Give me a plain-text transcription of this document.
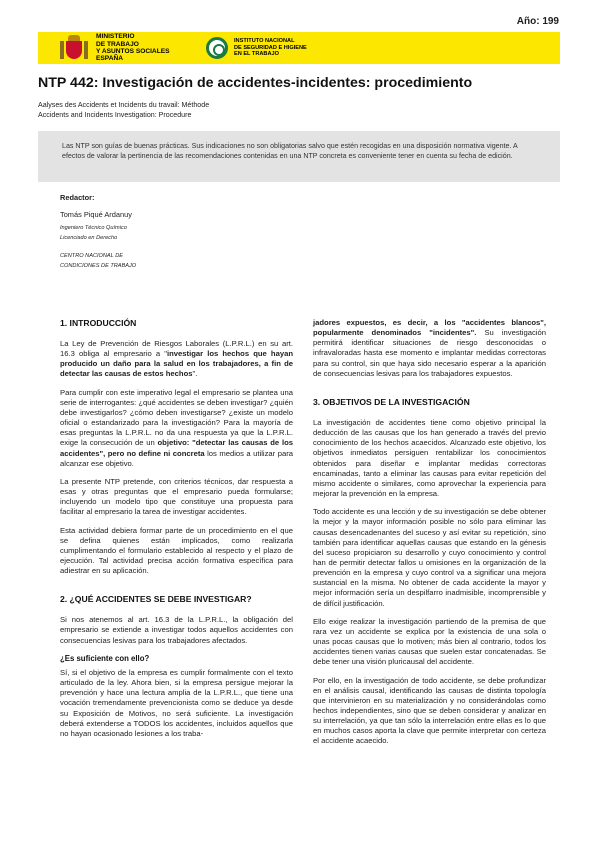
Año: 199
MINISTERIO
DE TRABAJO
Y ASUNTOS SOCIALES
ESPAÑA
INSTITUTO NACIONAL
DE SEGURIDAD E HIGIENE
EN EL TRABAJO
NTP 442: Investigación de accidentes-incidentes: procedimiento
Aalyses des Accidents et Incidents du travail: Méthode
Accidents and Incidents Investigation: Procedure

Las NTP son guías de buenas prácticas. Sus indicaciones no son obligatorias salvo que estén recogidas en una disposición normativa vigente. A efectos de valorar la pertinencia de las recomendaciones contenidas en una NTP concreta es conveniente tener en cuenta su fecha de edición.

Redactor:
Tomás Piqué Ardanuy
Ingeniero Técnico Químico
Licenciado en Derecho
CENTRO NACIONAL DE
CONDICIONES DE TRABAJO
1. INTRODUCCIÓN

La Ley de Prevención de Riesgos Laborales (L.P.R.L.) en su art. 16.3 obliga al empresario a "investigar los hechos que hayan producido un daño para la salud en los trabajadores, a fin de detectar las causas de estos hechos".

Para cumplir con este imperativo legal el empresario se plantea una serie de interrogantes: ¿qué accidentes se deben investigar? ¿quién debe investigarlos? ¿cómo deben investigarse? ¿existe un modelo oficial o estandarizado para la investigación? Para la mayoría de esas preguntas la L.P.R.L. no da una respuesta ya que la L.P.R.L. exige la consecución de un objetivo: "detectar las causas de los accidentes", pero no define ni concreta los medios a utilizar para alcanzar ese objetivo.

La presente NTP pretende, con criterios técnicos, dar respuesta a esas y otras preguntas que el empresario pueda formularse; incluyendo un modelo tipo que constituye una propuesta para facilitar al empresario la tarea de investigar accidentes.

Esta actividad debiera formar parte de un procedimiento en el que se defina quienes están implicados, como realizarla cumplimentando el formulario establecido al respecto y el plazo de ejecución. Tal actividad precisa acción formativa específica para adiestrar en su aplicación.

2. ¿QUÉ ACCIDENTES SE DEBE INVESTIGAR?

Si nos atenemos al art. 16.3 de la L.P.R.L., la obligación del empresario se extiende a investigar todos aquellos accidentes con consecuencias lesivas para los trabajadores afectados.

¿Es suficiente con ello?

Sí, si el objetivo de la empresa es cumplir formalmente con el texto articulado de la ley. Ahora bien, si la empresa persigue mejorar la prevención y hace una lectura amplia de la L.P.R.L., que tiene una vocación tremendamente prevencionista como se deduce ya desde su Exposición de Motivos, no será suficiente. La investigación deberá extenderse a TODOS los accidentes, incluidos aquellos que no hayan ocasionado lesiones a los traba-

jadores expuestos, es decir, a los "accidentes blancos", popularmente denominados "incidentes". Su investigación permitirá identificar situaciones de riesgo desconocidas o infravaloradas hasta ese momento e implantar medidas correctoras para su control, sin que haya sido necesario esperar a la aparición de consecuencias lesivas para los trabajadores expuestos.

3. OBJETIVOS DE LA INVESTIGACIÓN

La investigación de accidentes tiene como objetivo principal la deducción de las causas que los han generado a través del previo conocimiento de los hechos acaecidos. Alcanzado este objetivo, los objetivos inmediatos persiguen rentabilizar los conocimientos obtenidos para diseñar e implantar medidas correctoras encaminadas, tanto a eliminar las causas para evitar repetición del mismo accidente o similares, como aprovechar la experiencia para mejorar la prevención en la empresa.

Todo accidente es una lección y de su investigación se debe obtener la mejor y la mayor información posible no sólo para eliminar las causas desencadenantes del suceso y así evitar su repetición, sino también para identificar aquellas causas que estando en la génesis del suceso propiciaron su desarrollo y cuyo conocimiento y control han de permitir detectar fallos u omisiones en la organización de la prevención en la empresa y cuyo control va a significar una mejora sustancial en la misma. No obtener de cada accidente la mayor y mejor información sería un despilfarro inadmisible, incomprensible y de difícil justificación.

Ello exige realizar la investigación partiendo de la premisa de que rara vez un accidente se explica por la existencia de una sola o unas pocas causas que lo motiven; más bien al contrario, todos los accidentes tienen varias causas que suelen estar concatenadas. Se debe tener una visión pluricausal del accidente.

Por ello, en la investigación de todo accidente, se debe profundizar en el análisis causal, identificando las causas de distinta topología que intervinieron en su materialización y no considerándolas como hechos independientes, sino que se deben considerar y analizar en su interrelación, ya que tan sólo la interrelación entre ellas es lo que en muchos casos aporta la clave que permite interpretar con certeza el accidente acaecido.
